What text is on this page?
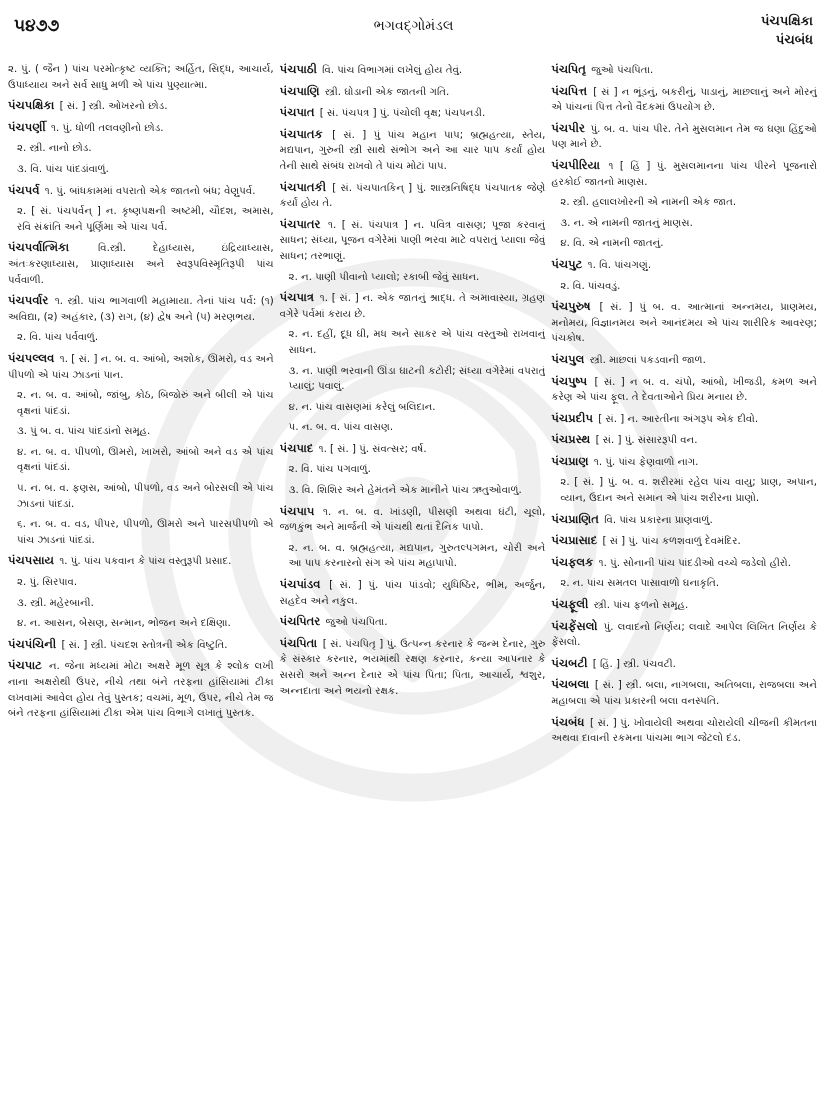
૫૪૭૭	ભગવદ્ગોમંડલ	પંચપક્ષિકા
પંચબંધ

૨. પું. ( જૈન ) પાંચ પરમોત્કૃષ્ટ વ્યક્તિ; અર્હિત, સિદ્ધ, આચાર્ય, ઉપાધ્યાય અને સર્વ સાધુ મળી એ પાંચ પુણ્યાત્મા.

પંચપક્ષિકા [ સં. ] સ્ત્રી. ઓખરનો છોડ.

પંચપર્ણી ૧. પું. ધોળી તલવણીનો છોડ.

૨. સ્ત્રી. નાનો છોડ.

૩. વિ. પાંચ પાંદડાંવાળું.

પંચપર્વ ૧. પું. બાંધકામમાં વપરાતો એક જાતનો બંધ; વેણુપર્વ.

૨. [ સં. પંચપર્વન્ ] ન. કૃષ્ણપક્ષની અષ્ટમી, ચૌદશ, અમાસ, રવિ સંક્રાંતિ અને પૂર્ણિમા એ પાંચ પર્વ.

પંચપર્વાત્મિકા	વિ.સ્ત્રી. દેહાધ્યાસ, ઇંદ્રિયાધ્યાસ, અંતઃકરણાધ્યાસ, પ્રાણાધ્યાસ અને સ્વરૂપવિસ્મૃતિરૂપી પાંચ પર્વવાળી.

પંચપર્વાર ૧. સ્ત્રી. પાંચ ભાગવાળી મહામાયા. તેનાં પાંચ પર્વ: (૧) અવિદ્યા, (૨) અહંકાર, (૩) રાગ, (૪) દ્વેષ અને (૫) મરણભય.

૨. વિ. પાંચ પર્વવાળું.

પંચપલ્લવ ૧. [ સં. ] ન. બ. વ. આંબો, અશોક, ઊમરો, વડ અને પીપળો એ પાંચ ઝાડનાં પાન.

૨. ન. બ. વ. આંબો, જાંબુ, કોઠ, બિજોરું અને બીલી એ પાંચ વૃક્ષનાં પાંદડાં.

૩. પું બ. વ. પાંચ પાંદડાંનો સમૂહ.

૪. ન. બ. વ. પીપળો, ઊમરો, ખાખરો, આંબો અને વડ એ પાંચ વૃક્ષનાં પાંદડાં.

૫. ન. બ. વ. ફણસ, આંબો, પીપળો, વડ અને બોરસલી એ પાંચ ઝાડનાં પાંદડાં.

૬. ન. બ. વ. વડ, પીપર, પીપળો, ઊમરો અને પારસપીપળો એ પાંચ ઝાડનાં પાંદડાં.

પંચપસાય ૧. પું. પાંચ પકવાન કે પાંચ વસ્તુરૂપી પ્રસાદ.

૨. પું. સિરપાવ.

૩. સ્ત્રી. મહેરબાની.

૪. ન. આસન, બેસણ, સન્માન, ભોજન અને દક્ષિણા.

પંચપંચિની [ સં. ] સ્ત્રી. પંચદશ સ્તોત્રની એક વિષ્ટુતિ.

પંચપાટ ન. જેના મધ્યમાં મોટા અક્ષરે મૂળ સૂત્ર કે શ્લોક લખી નાના અક્ષરોથી ઉપર, નીચે તથા બંને તરફના હાંસિયામાં ટીકા લખવામાં આવેલ હોય તેવું પુસ્તક; વચમાં, મૂળ, ઉપર, નીચે તેમ જ બંને તરફના હાંસિયામાં ટીકા એમ પાંચ વિભાગે લખાતું પુસ્તક.

પંચપાઠી વિ. પાંચ વિભાગમાં લખેલું હોય તેવું.

પંચપાણિ સ્ત્રી. ઘોડાની એક જાતની ગતિ.

પંચપાત [ સં. પંચપત્ર ] પું. પંચોલી વૃક્ષ; પંચપનડી.

પંચપાતક [ સં. ] પું પાંચ મહાન પાપ; બ્રહ્મહત્યા, સ્તેય, મદ્યપાન, ગુરુની સ્ત્રી સાથે સંભોગ અને આ ચાર પાપ કર્યાં હોય તેની સાથે સંબંધ રાખવો તે પાંચ મોટાં પાપ.

પંચપાતકી [ સં. પંચપાતકિન્ ] પું. શાસ્ત્રનિષિદ્ધ પંચપાતક જેણે કર્યાં હોય તે.

પંચપાતર ૧. [ સં. પંચપાત્ર ] ન. પવિત્ર વાસણ; પૂજા કરવાનું સાધન; સંધ્યા, પૂજન વગેરેમાં પાણી ભરવા માટે વપરાતું પ્યાલા જેવું સાધન; તરભાણું.

૨. ન. પાણી પીવાનો પ્યાલો; રકાબી જેવું સાધન.

પંચપાત્ર ૧. [ સં. ] ન. એક જાતનું શ્રાદ્ધ. તે અમાવાસ્યા, ગ્રહણ વગેરે પર્વમાં કરાય છે.

૨. ન. દહીં, દૂધ ઘી, મધ અને સાકર એ પાંચ વસ્તુઓ રાખવાનું સાધન.

૩. ન. પાણી ભરવાની ઊંડા ઘાટની કટોરી; સંધ્યા વગેરેમાં વપરાતું પ્યાલું; પવાલું.

૪. ન. પાંચ વાસણમાં કરેલું બલિદાન.

૫. ન. બ. વ. પાંચ વાસણ.

પંચપાદ ૧. [ સં. ] પું. સંવત્સર; વર્ષ.

૨. વિ. પાંચ પગવાળું.

૩. વિ. શિશિર અને હેમંતને એક માનીને પાંચ ઋતુઓવાળું.

પંચપાપ ૧. ન. બ. વ. ખાંડણી, પીસણી અથવા ઘંટી, ચૂલો, જળકુંભ અને માર્જની એ પાંચથી થતાં દૈનિક પાપો.

૨. ન. બ. વ. બ્રહ્મહત્યા, મદ્યપાન, ગુરુતલ્પગમન, ચોરી અને આ પાપ કરનારનો સંગ એ પાંચ મહાપાપો.

પંચપાંડવ [ સં. ] પું. પાંચ પાંડવો; યુધિષ્ઠિર, ભીમ, અર્જુન, સહદેવ અને નકુલ.

પંચપિતર જુઓ પંચપિતા.

પંચપિતા [ સં. પંચપિતૃ ] પું. ઉત્પન્ન કરનાર કે જન્મ દેનાર, ગુરુ કે સંસ્કાર કરનાર, ભયમાંથી રક્ષણ કરનાર, કન્યા આપનાર કે સસરો અને અન્ન દેનાર એ પાંચ પિતા; પિતા, આચાર્ય, શ્વશુર, અન્નદાતા અને ભયનો રક્ષક.

પંચપિતૃ જુઓ પંચપિતા.

પંચપિત્ત [ સં ] ન ભૂંડનું, બકરીનું, પાડાનું, માછલાનું અને મોરનું એ પાંચનાં પિત્ત તેનો વૈદકમાં ઉપયોગ છે.

પંચપીર પું. બ. વ. પાંચ પીર. તેને મુસલમાન તેમ જ ઘણા હિંદુઓ પણ માને છે.

પંચપીરિયા ૧ [ હિં ] પું. મુસલમાનના પાંચ પીરને પૂજનારો હરકોઈ જાતનો માણસ.

૨. સ્ત્રી. હલાલખોરની એ નામની એક જાત.

૩. ન. એ નામની જાતનું માણસ.

૪. વિ. એ નામની જાતનું.

પંચપુટ ૧. વિ. પાંચગણું.

૨. વિ. પાંચવડું.

પંચપુરુષ [ સં. ] પું બ. વ. આત્માનાં અન્નમય, પ્રાણમય, મનોમય, વિજ્ઞાનમય અને આનંદમય એ પાંચ શારીરિક આવરણ; પંચકોષ.

પંચપુલ સ્ત્રી. માછલાં પકડવાની જાળ.

પંચપુષ્પ [ સં. ] ન બ. વ. ચંપો, આંબો, ખીજડી, કમળ અને કરેણ એ પાંચ ફૂલ. તે દેવતાઓને પ્રિય મનાય છે.

પંચપ્રદીપ [ સં. ] ન. આરતીના અંગરૂપ એક દીવો.

પંચપ્રસ્થ [ સં. ] પું. સંસારરૂપી વન.

પંચપ્રાણ ૧. પું. પાંચ ફેણવાળો નાગ.

૨. [ સં. ] પું. બ. વ. શરીરમાં રહેલ પાંચ વાયુ; પ્રાણ, અપાન, વ્યાન, ઉદાન અને સમાન એ પાંચ શરીરના પ્રાણો.

પંચપ્રાણિત વિ. પાંચ પ્રકારના પ્રાણવાળું.

પંચપ્રાસાદ [ સં ] પું. પાંચ કળશવાળું દેવમંદિર.

પંચફલક ૧. પું. સોનાની પાંચ પાંદડીઓ વચ્ચે જડેલો હીરો.

૨. ન. પાંચ સમતલ પાસાવાળો ઘનાકૃતિ.

પંચફૂલી સ્ત્રી. પાંચ ફળનો સમૂહ.

પંચફેંસલો પું. લવાદનો નિર્ણય; લવાદે આપેલ લિખિત નિર્ણય કે ફેંસલો.

પંચબટી [ હિં. ] સ્ત્રી. પંચવટી.

પંચબલા [ સં. ] સ્ત્રી. બલા, નાગબલા, અતિબલા, રાજબલા અને મહાબલા એ પાંચ પ્રકારની બલા વનસ્પતિ.

પંચબંધ [ સં. ] પું. ખોવાયેલી અથવા ચોરાયેલી ચીજની કીમતના અથવા દાવાની રકમના પાંચમા ભાગ જેટલો દંડ.
